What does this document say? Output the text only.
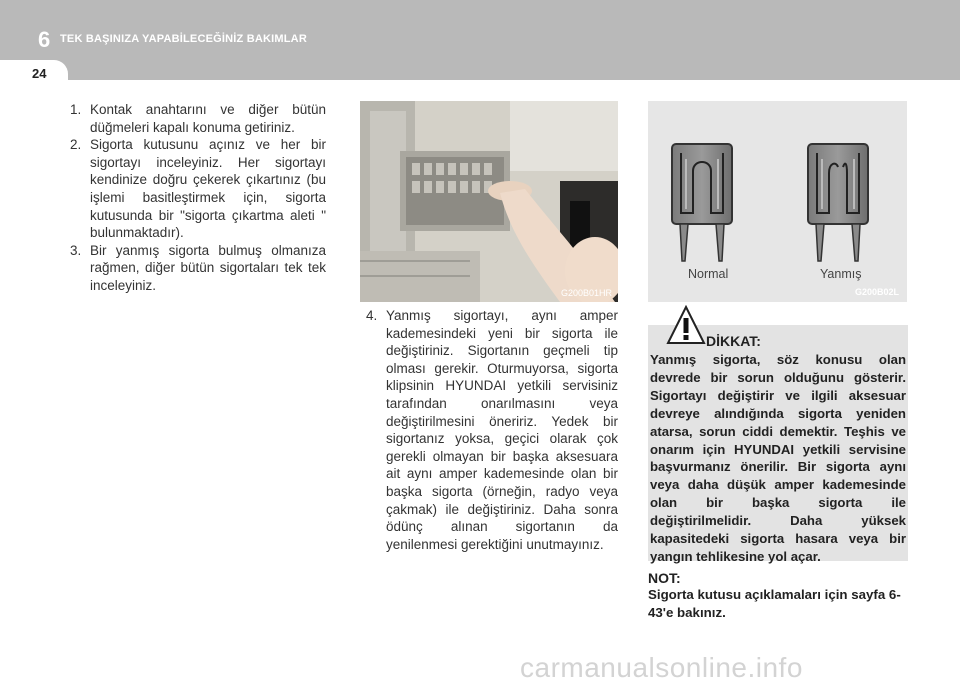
6 TEK BAŞINIZA YAPABİLECEĞİNİZ BAKIMLAR
24
1. Kontak anahtarını ve diğer bütün düğmeleri kapalı konuma getiriniz.
2. Sigorta kutusunu açınız ve her bir sigortayı inceleyiniz. Her sigortayı kendinize doğru çekerek çıkartınız (bu işlemi basitleştirmek için, sigorta kutusunda bir "sigorta çıkartma aleti " bulunmaktadır).
3. Bir yanmış sigorta bulmuş olmanıza rağmen, diğer bütün sigortaları tek tek inceleyiniz.
G200B01HR
4. Yanmış sigortayı, aynı amper kademesindeki yeni bir sigorta ile değiştiriniz. Sigortanın geçmeli tip olması gerekir. Oturmuyorsa, sigorta klipsinin HYUNDAI yetkili servisiniz tarafından onarılmasını veya değiştirilmesini öneririz. Yedek bir sigortanız yoksa, geçici olarak çok gerekli olmayan bir başka aksesuara ait aynı amper kademesinde olan bir başka sigorta (örneğin, radyo veya çakmak) ile değiştiriniz. Daha sonra ödünç alınan sigortanın da yenilenmesi gerektiğini unutmayınız.
Normal	Yanmış
G200B02L
DİKKAT:
Yanmış sigorta, söz konusu olan devrede bir sorun olduğunu gösterir. Sigortayı değiştirir ve ilgili aksesuar devreye alındığında sigorta yeniden atarsa, sorun ciddi demektir. Teşhis ve onarım için HYUNDAI yetkili servisine başvurmanız önerilir. Bir sigorta aynı veya daha düşük amper kademesinde olan bir başka sigorta ile değiştirilmelidir. Daha yüksek kapasitedeki sigorta hasara veya bir yangın tehlikesine yol açar.
NOT:
Sigorta kutusu açıklamaları için sayfa 6-43'e bakınız.
carmanualsonline.info
